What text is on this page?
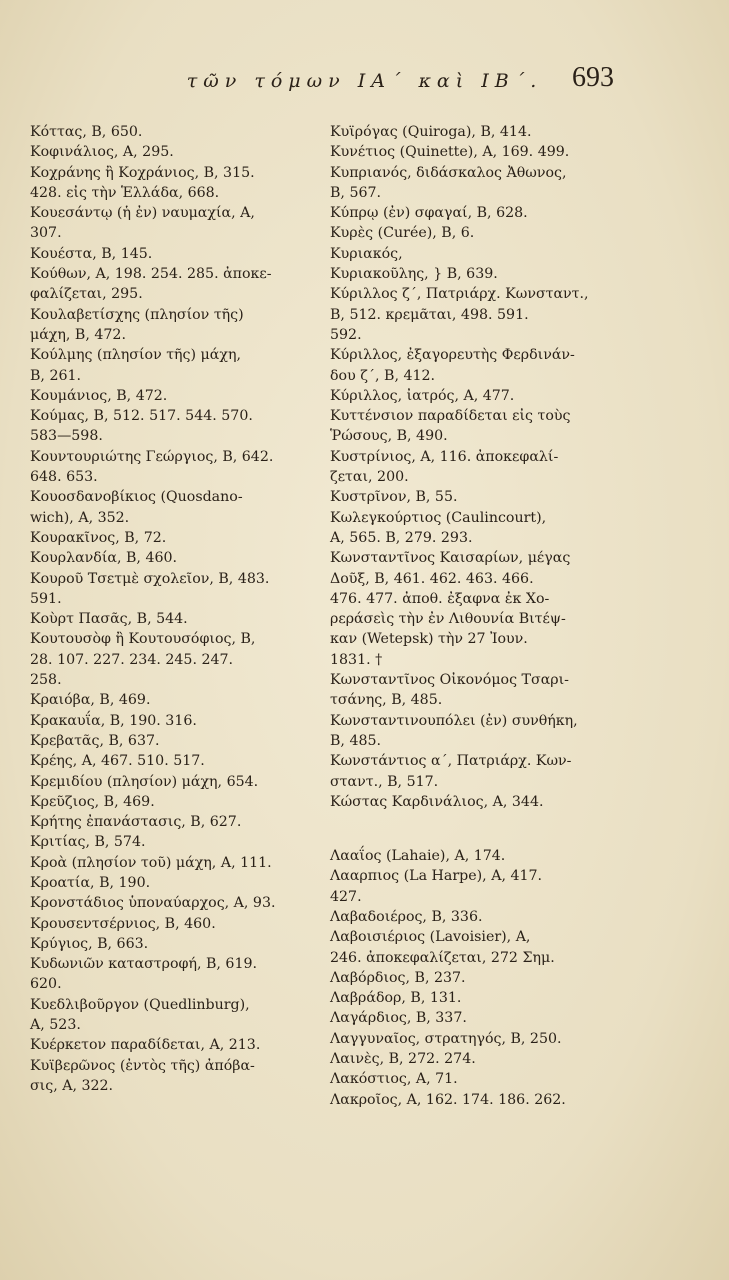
τῶν τόμων ΙΑ΄ καὶ ΙΒ΄.	693
Κόττας, Β, 650.
Κοφινάλιος, Α, 295.
Κοχράνης ἢ Κοχράνιος, Β, 315.
428. εἰς τὴν Ἑλλάδα, 668.
Κουεσάντῳ (ἡ ἐν) ναυμαχία, Α,
307.
Κουέστα, Β, 145.
Κούθων, Α, 198. 254. 285. ἀποκε-
φαλίζεται, 295.
Κουλαβετίσχης (πλησίον τῆς)
μάχη, Β, 472.
Κούλμης (πλησίον τῆς) μάχη,
Β, 261.
Κουμάνιος, Β, 472.
Κούμας, Β, 512. 517. 544. 570.
583—598.
Κουντουριώτης Γεώργιος, Β, 642.
648. 653.
Κουοσδανοβίκιος (Quosdano-
wich), Α, 352.
Κουρακῖνος, Β, 72.
Κουρλανδία, Β, 460.
Κουροῦ Τσετμὲ σχολεῖον, Β, 483.
591.
Κοὺρτ Πασᾶς, Β, 544.
Κουτουσὸφ ἢ Κουτουσόφιος, Β,
28. 107. 227. 234. 245. 247.
258.
Κραιόβα, Β, 469.
Κρακαυΐα, Β, 190. 316.
Κρεβατᾶς, Β, 637.
Κρέης, Α, 467. 510. 517.
Κρεμιδίου (πλησίον) μάχη, 654.
Κρεῦζιος, Β, 469.
Κρήτης ἐπανάστασις, Β, 627.
Κριτίας, Β, 574.
Κροὰ (πλησίον τοῦ) μάχη, Α, 111.
Κροατία, Β, 190.
Κρονστάδιος ὑποναύαρχος, Α, 93.
Κρουσεντσέρνιος, Β, 460.
Κρύγιος, Β, 663.
Κυδωνιῶν καταστροφή, Β, 619.
620.
Κυεδλιβοῦργον (Quedlinburg),
Α, 523.
Κυέρκετον παραδίδεται, Α, 213.
Κυϊβερῶνος (ἐντὸς τῆς) ἀπόβα-
σις, Α, 322.
Κυϊρόγας (Quiroga), Β, 414.
Κυνέτιος (Quinette), Α, 169. 499.
Κυπριανός, διδάσκαλος Ἀθωνος,
Β, 567.
Κύπρῳ (ἐν) σφαγαί, Β, 628.
Κυρὲς (Curée), Β, 6.
Κυριακός,
Κυριακοῦλης, } Β, 639.
Κύριλλος ζ΄, Πατριάρχ. Κωνσταντ.,
Β, 512. κρεμᾶται, 498. 591.
592.
Κύριλλος, ἐξαγορευτὴς Φερδινάν-
δου ζ΄, Β, 412.
Κύριλλος, ἰατρός, Α, 477.
Κυττένσιον παραδίδεται εἰς τοὺς
Ῥώσους, Β, 490.
Κυστρίνιος, Α, 116. ἀποκεφαλί-
ζεται, 200.
Κυστρῖνον, Β, 55.
Κωλεγκούρτιος (Caulincourt),
Α, 565. Β, 279. 293.
Κωνσταντῖνος Καισαρίων, μέγας
Δοῦξ, Β, 461. 462. 463. 466.
476. 477. ἀποθ. ἐξαφνα ἐκ Χο-
ρεράσεὶς τὴν ἐν Λιθουνία Βιτέψ-
καν (Wetepsk) τὴν 27 Ἰουν.
1831. †
Κωνσταντῖνος Οἰκονόμος Τσαρι-
τσάνης, Β, 485.
Κωνσταντινουπόλει (ἐν) συνθήκη,
Β, 485.
Κωνστάντιος α΄, Πατριάρχ. Κων-
σταντ., Β, 517.
Κώστας Καρδινάλιος, Α, 344.
Λααΐος (Lahaie), Α, 174.
Λααρπιος (La Harpe), Α, 417.
427.
Λαβαδοιέρος, Β, 336.
Λαβοισιέριος (Lavoisier), Α,
246. ἀποκεφαλίζεται, 272 Σημ.
Λαβόρδιος, Β, 237.
Λαβράδορ, Β, 131.
Λαγάρδιος, Β, 337.
Λαγγυναῖος, στρατηγός, Β, 250.
Λαινὲς, Β, 272. 274.
Λακόστιος, Α, 71.
Λακροῖος, Α, 162. 174. 186. 262.
